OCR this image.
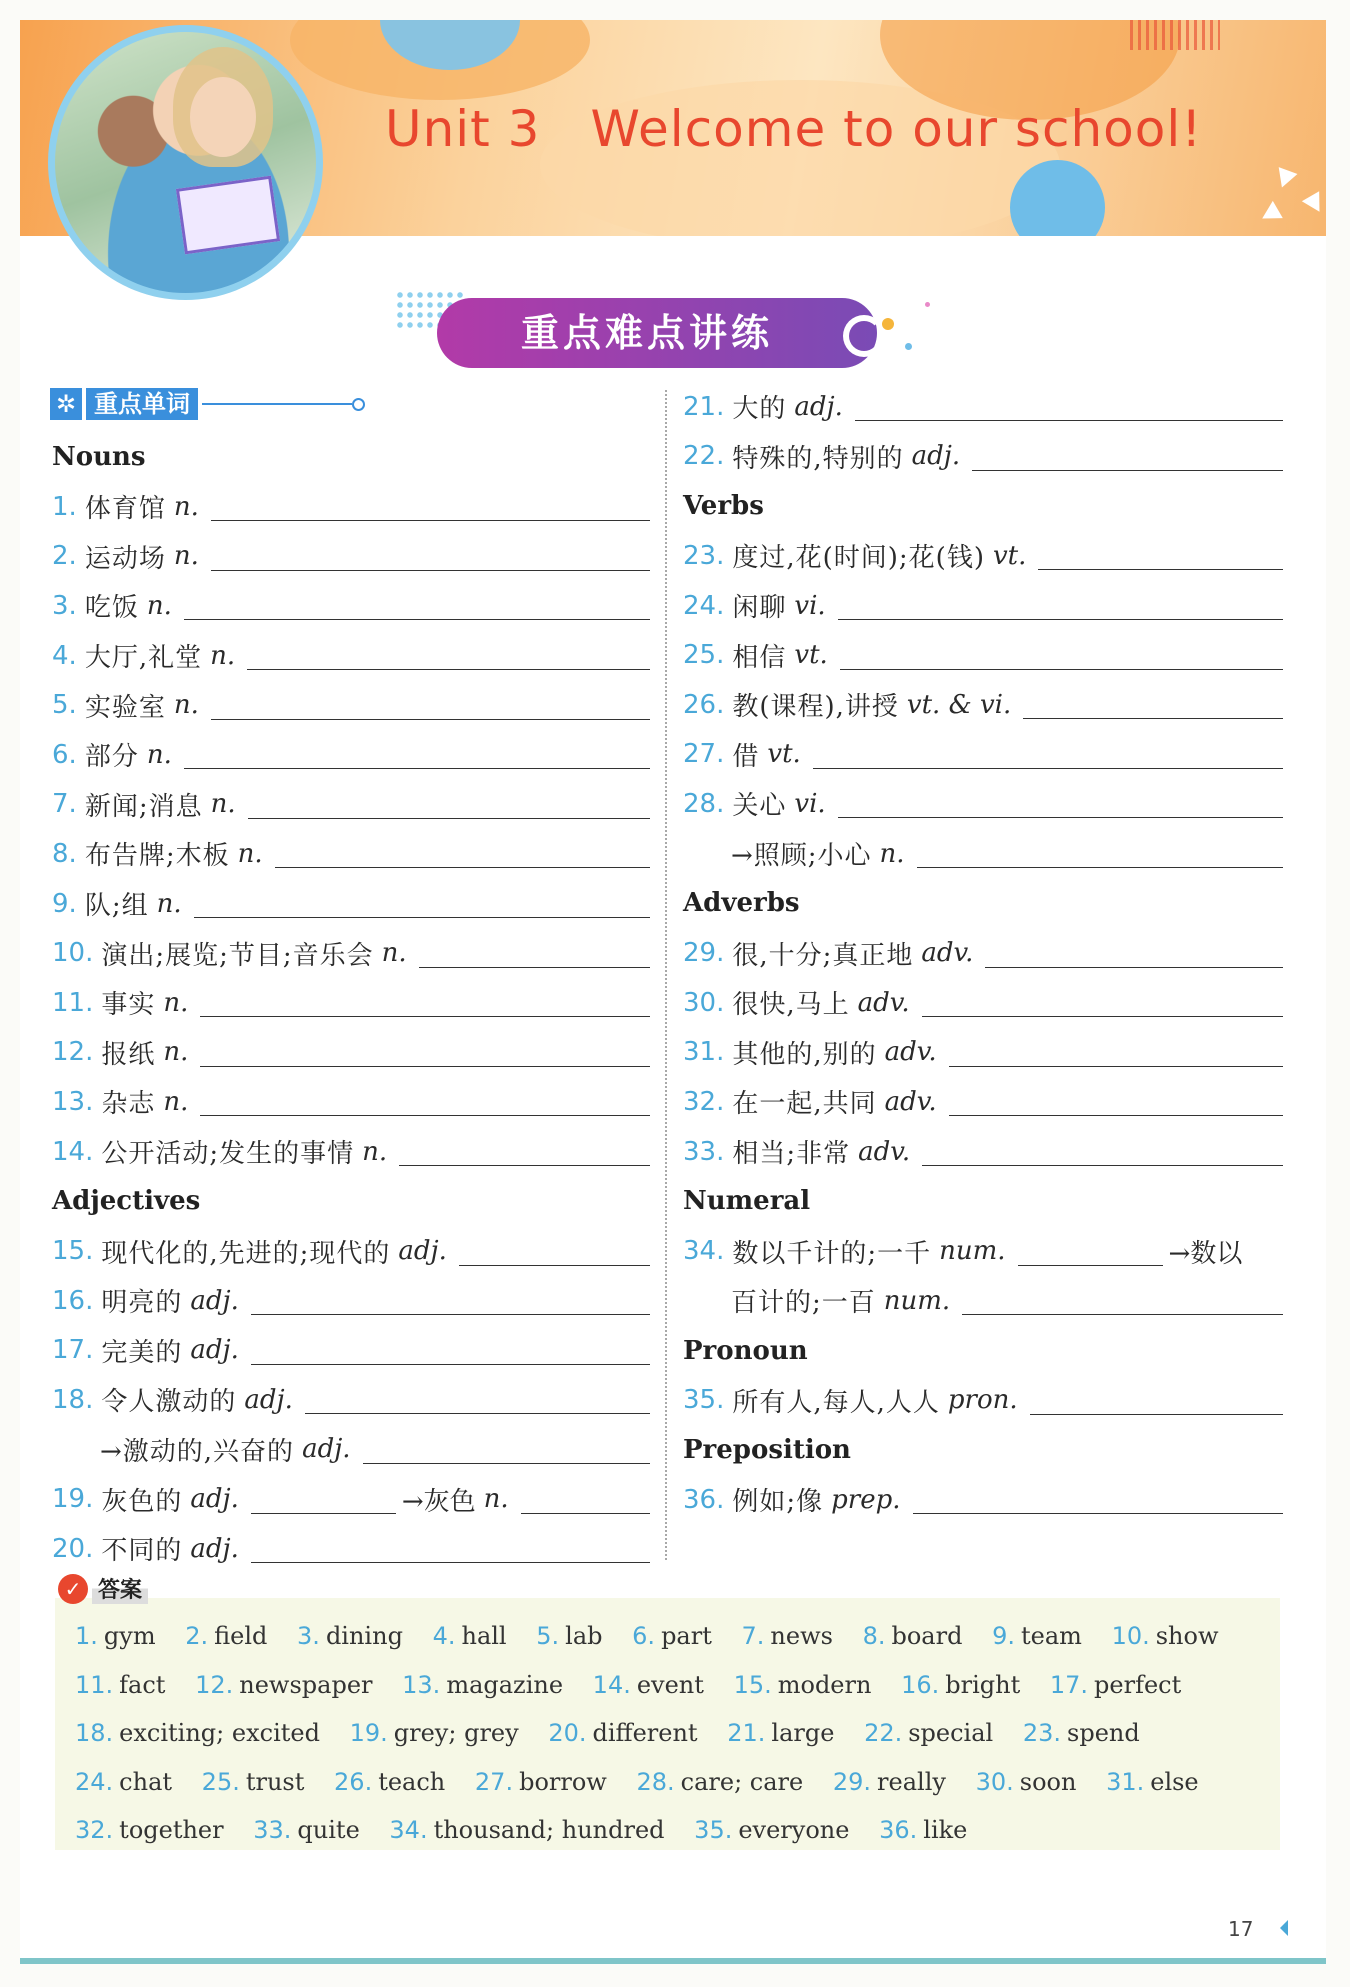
Unit 3 Welcome to our school!
重点难点讲练
✲ 重点单词
Nouns
1. 体育馆 n.
2. 运动场 n.
3. 吃饭 n.
4. 大厅,礼堂 n.
5. 实验室 n.
6. 部分 n.
7. 新闻;消息 n.
8. 布告牌;木板 n.
9. 队;组 n.
10. 演出;展览;节目;音乐会 n.
11. 事实 n.
12. 报纸 n.
13. 杂志 n.
14. 公开活动;发生的事情 n.
Adjectives
15. 现代化的,先进的;现代的 adj.
16. 明亮的 adj.
17. 完美的 adj.
18. 令人激动的 adj.
→激动的,兴奋的 adj.
19. 灰色的 adj.	→灰色 n.
20. 不同的 adj.
21. 大的 adj.
22. 特殊的,特别的 adj.
Verbs
23. 度过,花(时间);花(钱) vt.
24. 闲聊 vi.
25. 相信 vt.
26. 教(课程),讲授 vt. & vi.
27. 借 vt.
28. 关心 vi.
→照顾;小心 n.
Adverbs
29. 很,十分;真正地 adv.
30. 很快,马上 adv.
31. 其他的,别的 adv.
32. 在一起,共同 adv.
33. 相当;非常 adv.
Numeral
34. 数以千计的;一千 num.	→数以
百计的;一百 num.
Pronoun
35. 所有人,每人,人人 pron.
Preposition
36. 例如;像 prep.
✓ 答案
1. gym 2. field 3. dining 4. hall 5. lab 6. part 7. news 8. board 9. team 10. show 11. fact 12. newspaper 13. magazine 14. event 15. modern 16. bright 17. perfect 18. exciting; excited 19. grey; grey 20. different 21. large 22. special 23. spend 24. chat 25. trust 26. teach 27. borrow 28. care; care 29. really 30. soon 31. else 32. together 33. quite 34. thousand; hundred 35. everyone 36. like
17
